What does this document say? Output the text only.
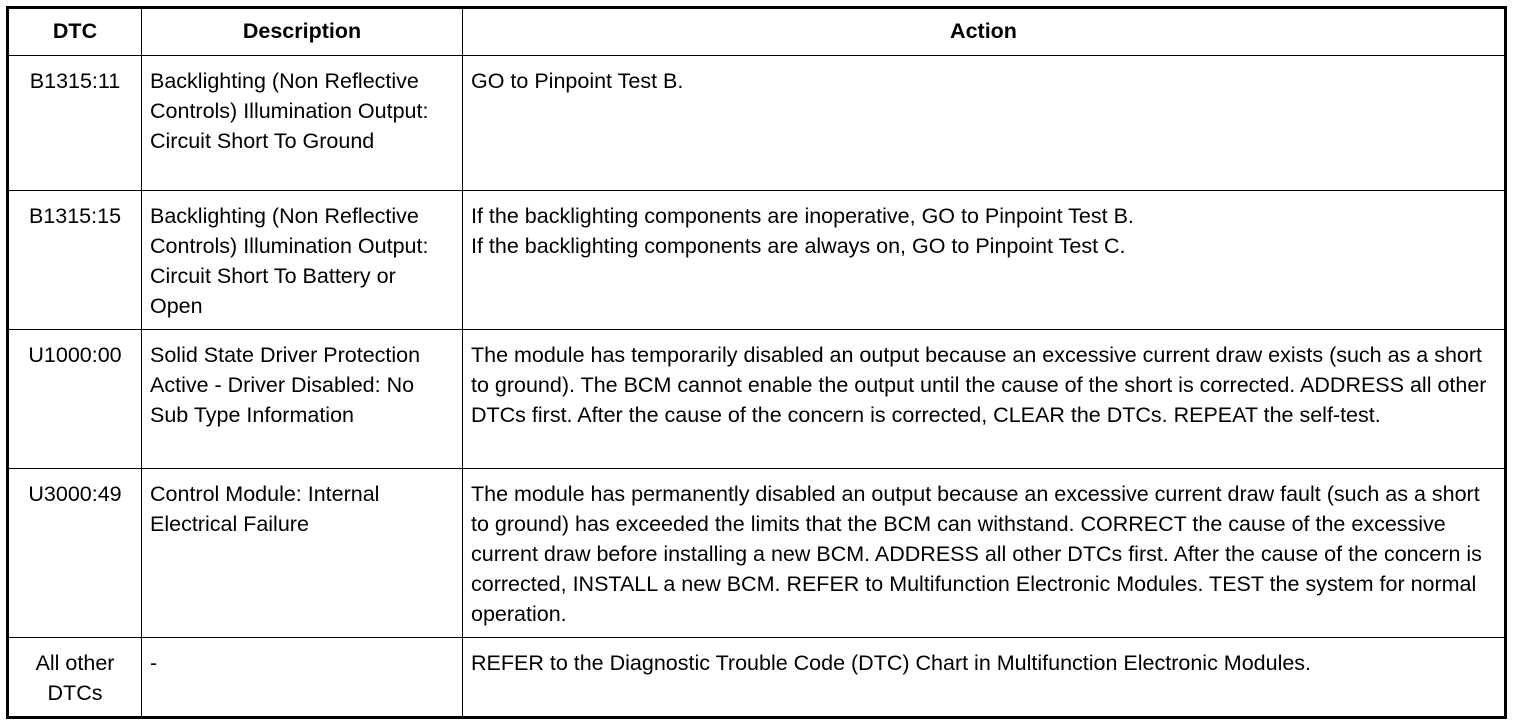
DTC	Description	Action
B1315:11	Backlighting (Non Reflective Controls) Illumination Output: Circuit Short To Ground	GO to Pinpoint Test B.

B1315:15	Backlighting (Non Reflective Controls) Illumination Output: Circuit Short To Battery or Open	If the backlighting components are inoperative, GO to Pinpoint Test B.
If the backlighting components are always on, GO to Pinpoint Test C.

U1000:00	Solid State Driver Protection Active - Driver Disabled: No Sub Type Information	The module has temporarily disabled an output because an excessive current draw exists (such as a short to ground). The BCM cannot enable the output until the cause of the short is corrected. ADDRESS all other DTCs first. After the cause of the concern is corrected, CLEAR the DTCs. REPEAT the self-test.

U3000:49	Control Module: Internal Electrical Failure	The module has permanently disabled an output because an excessive current draw fault (such as a short to ground) has exceeded the limits that the BCM can withstand. CORRECT the cause of the excessive current draw before installing a new BCM. ADDRESS all other DTCs first. After the cause of the concern is corrected, INSTALL a new BCM. REFER to Multifunction Electronic Modules. TEST the system for normal operation.

All other DTCs	-	REFER to the Diagnostic Trouble Code (DTC) Chart in Multifunction Electronic Modules.
